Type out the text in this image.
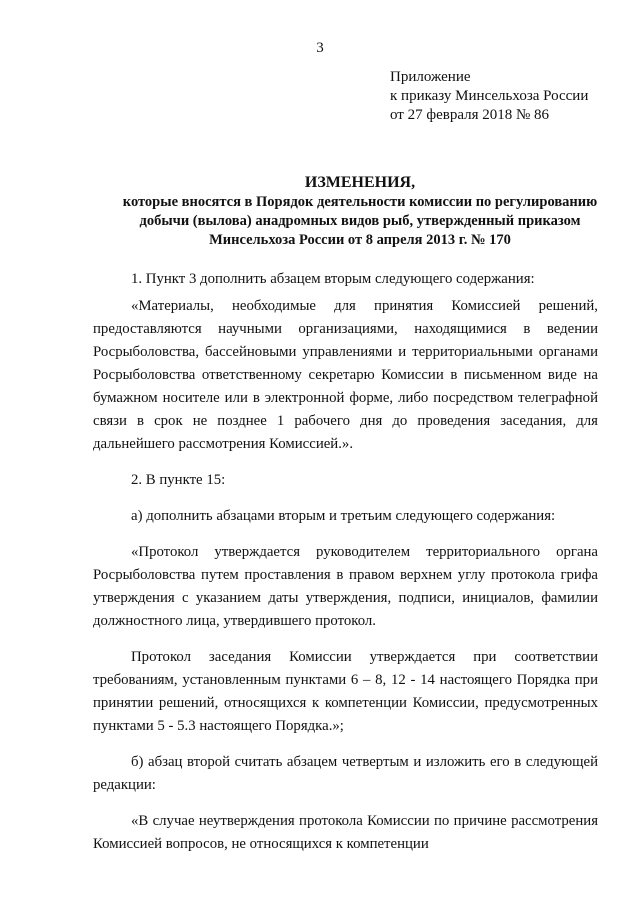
3
Приложение
к приказу Минсельхоза России
от 27 февраля 2018 № 86
ИЗМЕНЕНИЯ,
которые вносятся в Порядок деятельности комиссии по регулированию
добычи (вылова) анадромных видов рыб, утвержденный приказом
Минсельхоза России от 8 апреля 2013 г. № 170

1. Пункт 3 дополнить абзацем вторым следующего содержания:

«Материалы, необходимые для принятия Комиссией решений, предоставляются научными организациями, находящимися в ведении Росрыболовства, бассейновыми управлениями и территориальными органами Росрыболовства ответственному секретарю Комиссии в письменном виде на бумажном носителе или в электронной форме, либо посредством телеграфной связи в срок не позднее 1 рабочего дня до проведения заседания, для дальнейшего рассмотрения Комиссией.».

2. В пункте 15:

а) дополнить абзацами вторым и третьим следующего содержания:

«Протокол утверждается руководителем территориального органа Росрыболовства путем проставления в правом верхнем углу протокола грифа утверждения с указанием даты утверждения, подписи, инициалов, фамилии должностного лица, утвердившего протокол.

Протокол заседания Комиссии утверждается при соответствии требованиям, установленным пунктами 6 – 8, 12 - 14 настоящего Порядка при принятии решений, относящихся к компетенции Комиссии, предусмотренных пунктами 5 - 5.3 настоящего Порядка.»;

б) абзац второй считать абзацем четвертым и изложить его в следующей редакции:

«В случае неутверждения протокола Комиссии по причине рассмотрения Комиссией вопросов, не относящихся к компетенции
